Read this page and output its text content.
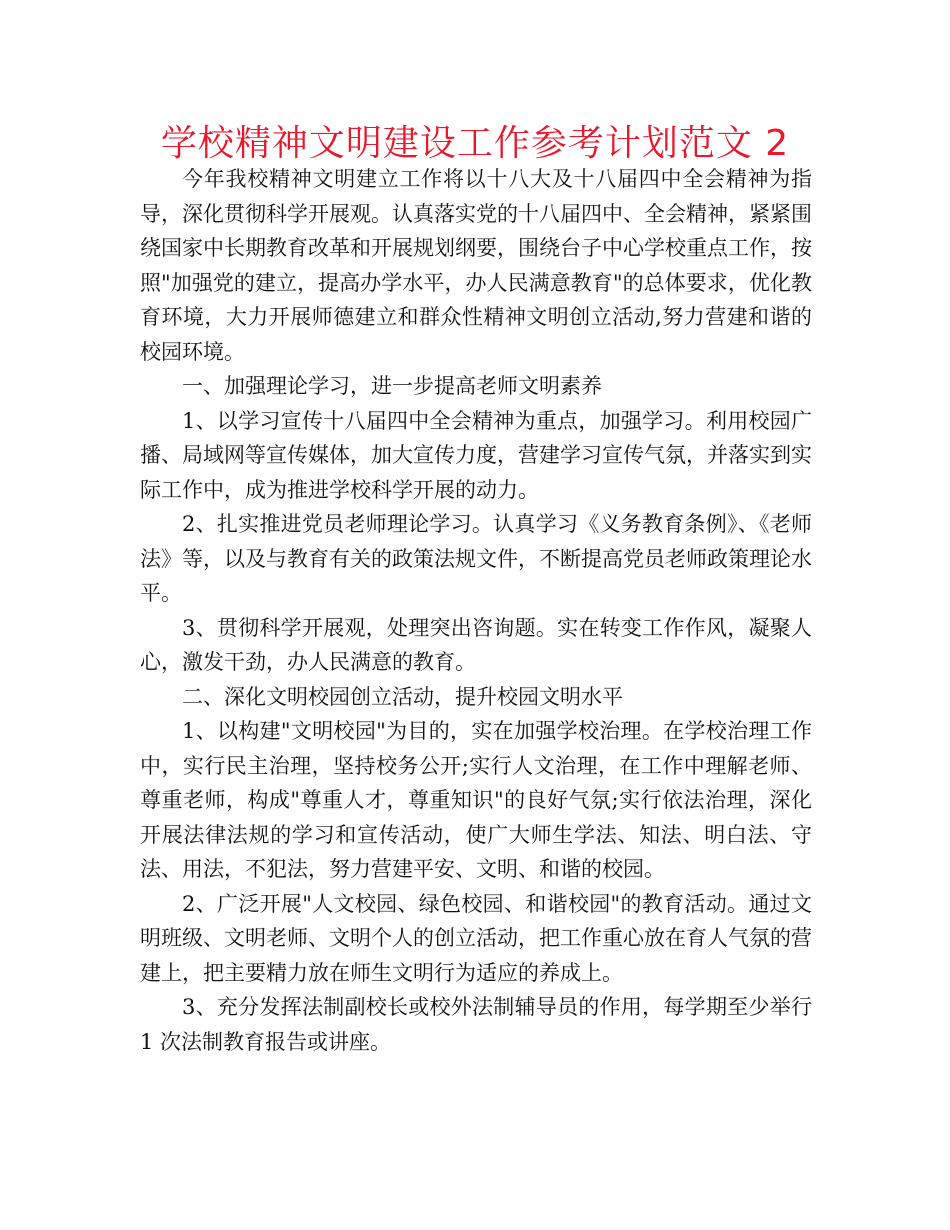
学校精神文明建设工作参考计划范文 2

今年我校精神文明建立工作将以十八大及十八届四中全会精神为指导，深化贯彻科学开展观。认真落实党的十八届四中、全会精神，紧紧围绕国家中长期教育改革和开展规划纲要，围绕台子中心学校重点工作，按照"加强党的建立，提高办学水平，办人民满意教育"的总体要求，优化教育环境，大力开展师德建立和群众性精神文明创立活动,努力营建和谐的校园环境。

一、加强理论学习，进一步提高老师文明素养

1、以学习宣传十八届四中全会精神为重点，加强学习。利用校园广播、局域网等宣传媒体，加大宣传力度，营建学习宣传气氛，并落实到实际工作中，成为推进学校科学开展的动力。

2、扎实推进党员老师理论学习。认真学习《义务教育条例》、《老师法》等，以及与教育有关的政策法规文件，不断提高党员老师政策理论水平。

3、贯彻科学开展观，处理突出咨询题。实在转变工作作风，凝聚人心，激发干劲，办人民满意的教育。

二、深化文明校园创立活动，提升校园文明水平

1、以构建"文明校园"为目的，实在加强学校治理。在学校治理工作中，实行民主治理，坚持校务公开;实行人文治理，在工作中理解老师、尊重老师，构成"尊重人才，尊重知识"的良好气氛;实行依法治理，深化开展法律法规的学习和宣传活动，使广大师生学法、知法、明白法、守法、用法，不犯法，努力营建平安、文明、和谐的校园。

2、广泛开展"人文校园、绿色校园、和谐校园"的教育活动。通过文明班级、文明老师、文明个人的创立活动，把工作重心放在育人气氛的营建上，把主要精力放在师生文明行为适应的养成上。

3、充分发挥法制副校长或校外法制辅导员的作用，每学期至少举行 1 次法制教育报告或讲座。
